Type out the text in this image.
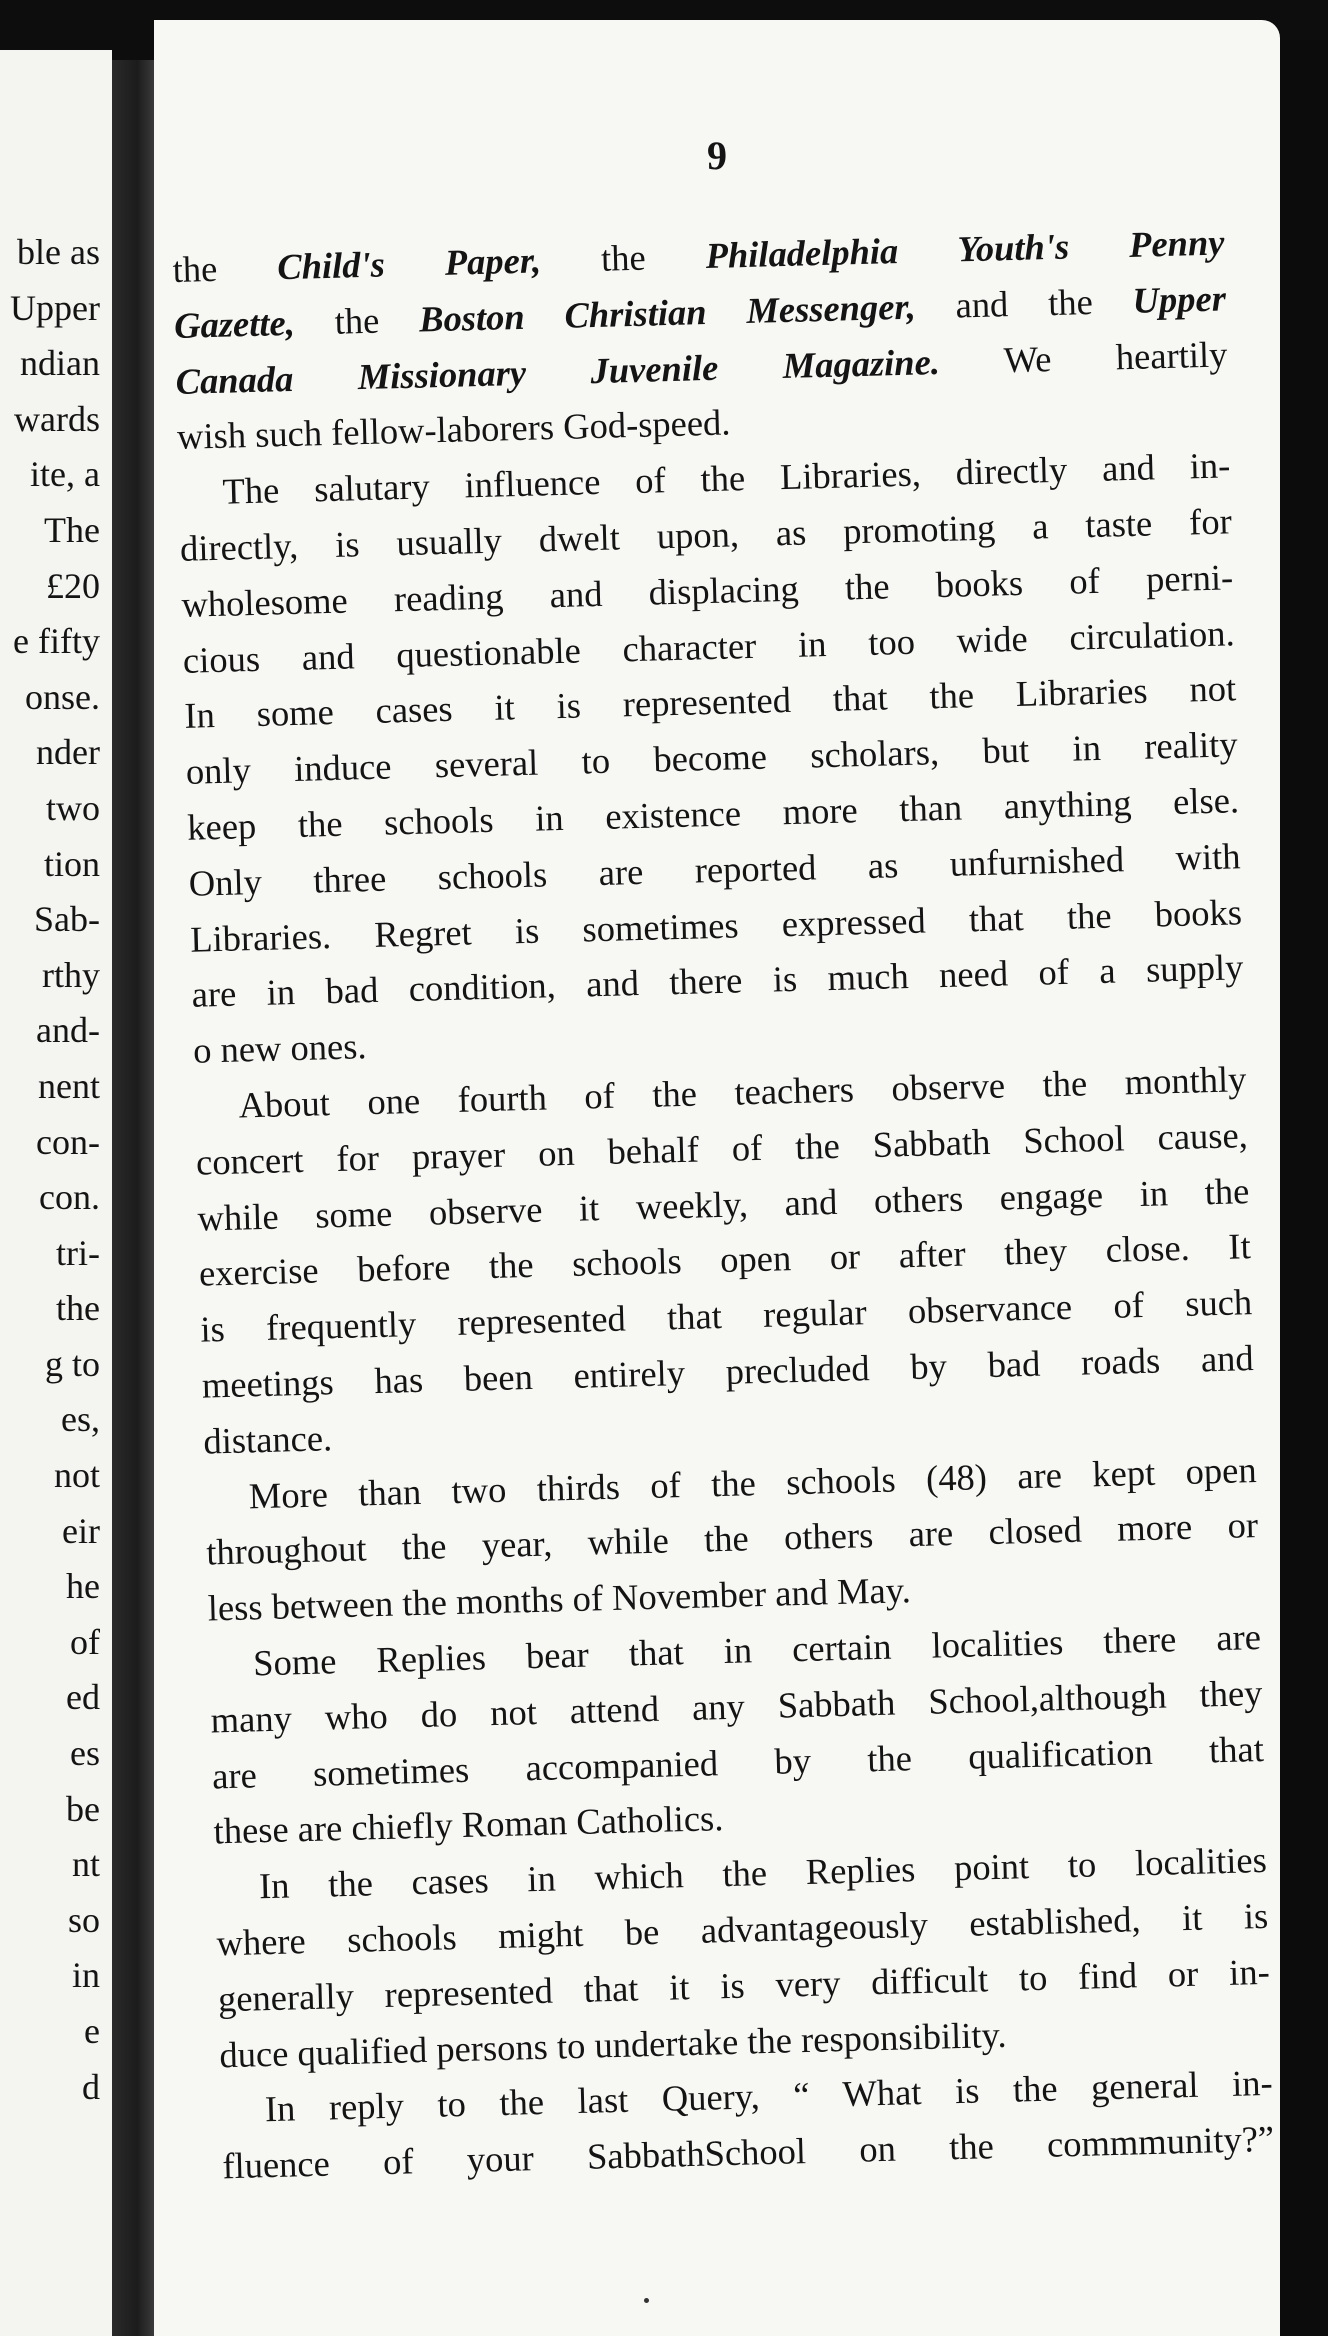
ble as
Upper
ndian
wards
ite, a
The
£20
e fifty
onse.
nder
two
tion
Sab-
rthy
and-
nent
con-
con.
tri-
the
g to
es,
not
eir
he
of
ed
es
be
nt
so
in
e
d
9
the Child's Paper, the Philadelphia Youth's Penny
Gazette, the Boston Christian Messenger, and the Upper
Canada Missionary Juvenile Magazine. We heartily
wish such fellow-laborers God-speed.
The salutary influence of the Libraries, directly and in-
directly, is usually dwelt upon, as promoting a taste for
wholesome reading and displacing the books of perni-
cious and questionable character in too wide circulation.
In some cases it is represented that the Libraries not
only induce several to become scholars, but in reality
keep the schools in existence more than anything else.
Only three schools are reported as unfurnished with
Libraries. Regret is sometimes expressed that the books
are in bad condition, and there is much need of a supply
o new ones.
About one fourth of the teachers observe the monthly
concert for prayer on behalf of the Sabbath School cause,
while some observe it weekly, and others engage in the
exercise before the schools open or after they close. It
is frequently represented that regular observance of such
meetings has been entirely precluded by bad roads and
distance.
More than two thirds of the schools (48) are kept open
throughout the year, while the others are closed more or
less between the months of November and May.
Some Replies bear that in certain localities there are
many who do not attend any Sabbath School,although they
are sometimes accompanied by the qualification that
these are chiefly Roman Catholics.
In the cases in which the Replies point to localities
where schools might be advantageously established, it is
generally represented that it is very difficult to find or in-
duce qualified persons to undertake the responsibility.
In reply to the last Query, “ What is the general in-
fluence of your SabbathSchool on the commmunity?”
